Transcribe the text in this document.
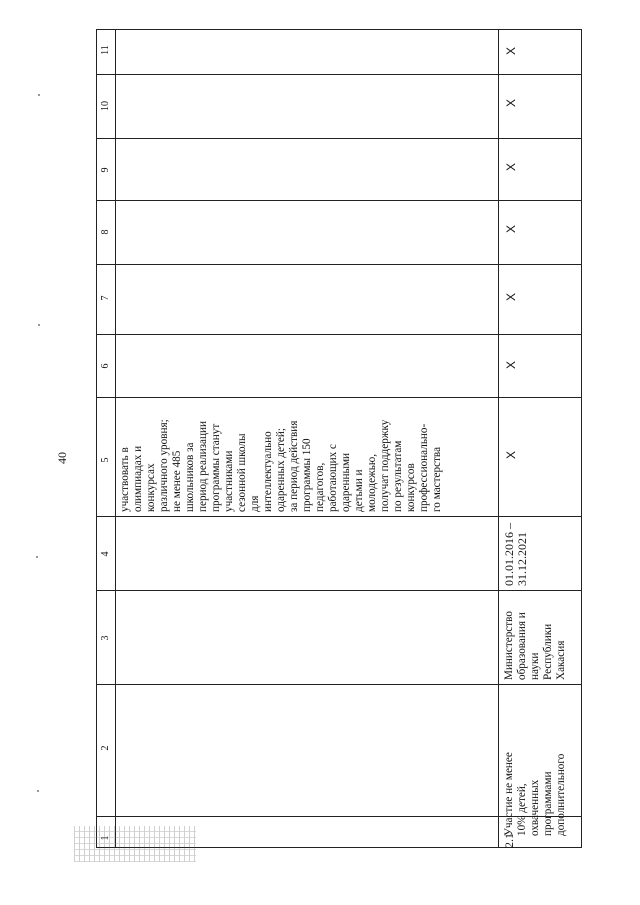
40
11
10
9
8
7
6
5
4
3
2
1	2.1
Участие не менее
10% детей,
охваченных
программами
дополнительного
Министерство
образования и
науки
Республики
Хакасия
01.01.2016 –
31.12.2021
участвовать в
олимпиадах и
конкурсах
различного уровня;
не менее 485
школьников за
период реализации
программы станут
участниками
сезонной школы
для
интеллектуально
одаренных детей;
за период действия
программы 150
педагогов,
работающих с
одаренными
детьми и
молодежью,
получат поддержку
по результатам
конкурсов
профессионально-
го мастерства	Х
Х
Х
Х
Х
Х
Х
